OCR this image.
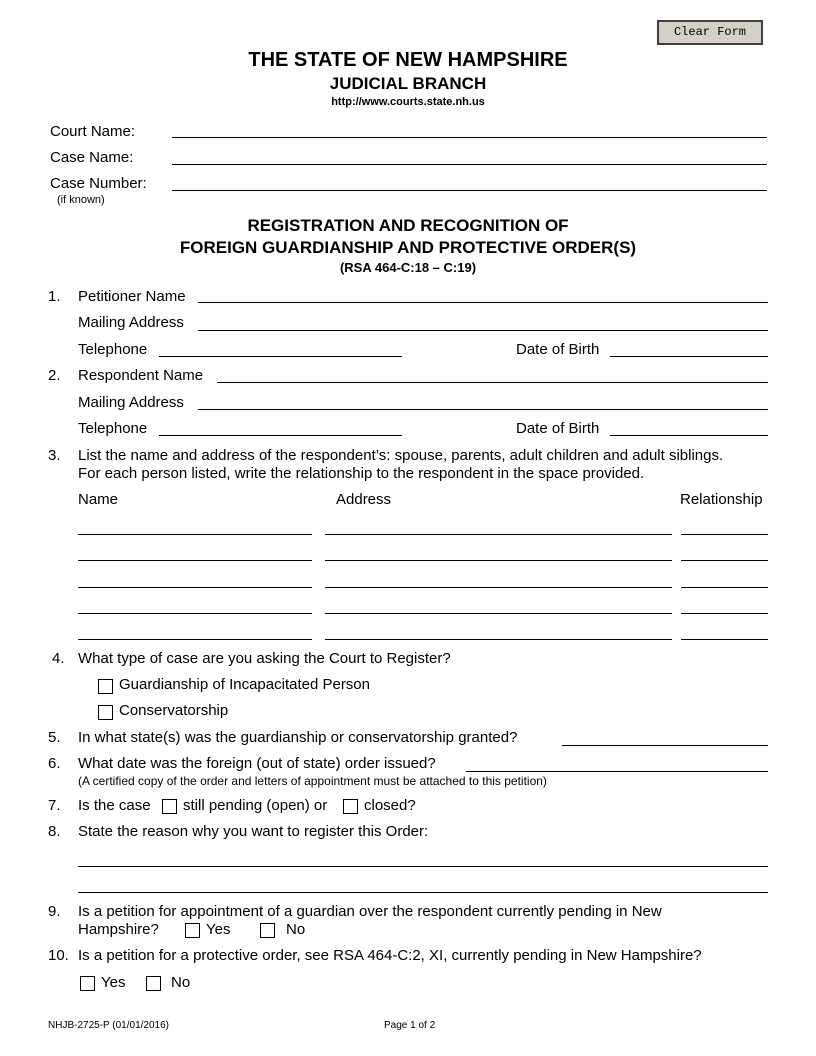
Clear Form
THE STATE OF NEW HAMPSHIRE
JUDICIAL BRANCH
http://www.courts.state.nh.us
Court Name:
Case Name:
Case Number:
(if known)
REGISTRATION AND RECOGNITION OF
FOREIGN GUARDIANSHIP AND PROTECTIVE ORDER(S)
(RSA 464-C:18 – C:19)
1. Petitioner Name
Mailing Address
Telephone	Date of Birth
2. Respondent Name
Mailing Address
Telephone	Date of Birth
3. List the name and address of the respondent’s: spouse, parents, adult children and adult siblings.
For each person listed, write the relationship to the respondent in the space provided.
Name	Address	Relationship
4. What type of case are you asking the Court to Register?
Guardianship of Incapacitated Person
Conservatorship
5. In what state(s) was the guardianship or conservatorship granted?
6. What date was the foreign (out of state) order issued?
(A certified copy of the order and letters of appointment must be attached to this petition)
7. Is the case still pending (open) or closed?
8. State the reason why you want to register this Order:
9. Is a petition for appointment of a guardian over the respondent currently pending in New
Hampshire?	Yes	No
10. Is a petition for a protective order, see RSA 464-C:2, XI, currently pending in New Hampshire?
Yes	No
NHJB-2725-P (01/01/2016)	Page 1 of 2
